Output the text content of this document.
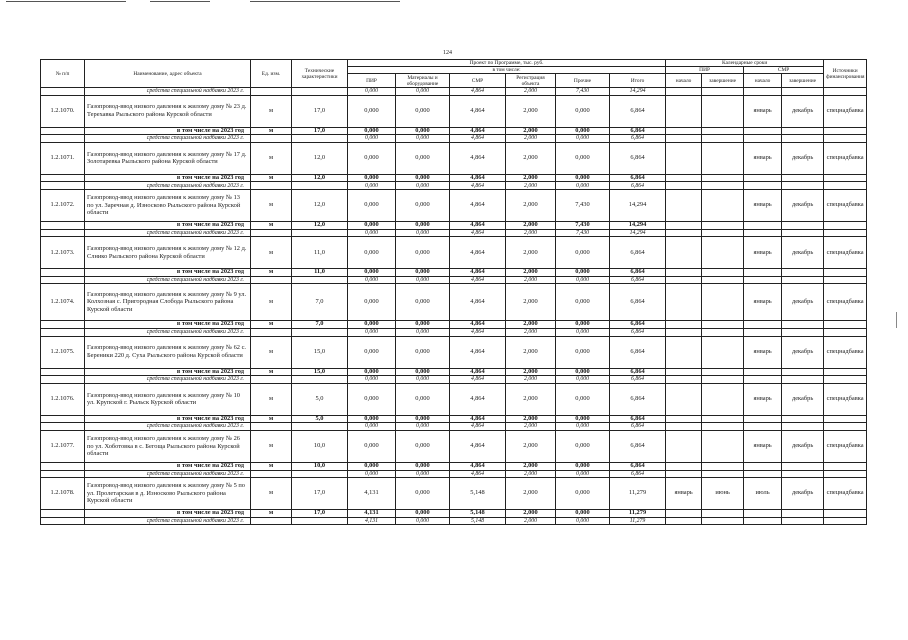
124
№ п/п	Наименование, адрес объекта	Ед. изм.	Технические характеристики	Проект по Программе, тыс. руб.						Календарные сроки				Источники финансирования
				в том числе:						ПИР		СМР		
				ПИР	Материалы и оборудование	СМР	Регистрация объекта	Прочие	Итого	начало	завершение	начало	завершение	
	средства специальной надбавки 2023 г.			0,000	0,000	4,864	2,000	7,430	14,294					
1.2.1070.	Газопровод-ввод низкого давления к жилому дому № 23 д. Терехавка Рыльского района Курской области	м	17,0	0,000	0,000	4,864	2,000	0,000	6,864			январь	декабрь	спецнадбавка
	в том числе на 2023 год	м	17,0	0,000	0,000	4,864	2,000	0,000	6,864					
	средства специальной надбавки 2023 г.			0,000	0,000	4,864	2,000	0,000	6,864					
1.2.1071.	Газопровод-ввод низкого давления к жилому дому № 17 д. Золотаревка Рыльского района Курской области	м	12,0	0,000	0,000	4,864	2,000	0,000	6,864			январь	декабрь	спецнадбавка
	в том числе на 2023 год	м	12,0	0,000	0,000	4,864	2,000	0,000	6,864					
	средства специальной надбавки 2023 г.			0,000	0,000	4,864	2,000	0,000	6,864					
1.2.1072.	Газопровод-ввод низкого давления к жилому дому № 13 по ул. Заречная д. Износково Рыльского района Курской области	м	12,0	0,000	0,000	4,864	2,000	7,430	14,294			январь	декабрь	спецнадбавка
	в том числе на 2023 год	м	12,0	0,000	0,000	4,864	2,000	7,430	14,294					
	средства специальной надбавки 2023 г.			0,000	0,000	4,864	2,000	7,430	14,294					
1.2.1073.	Газопровод-ввод низкого давления к жилому дому № 12 д. Слнико Рыльского района Курской области	м	11,0	0,000	0,000	4,864	2,000	0,000	6,864			январь	декабрь	спецнадбавка
	в том числе на 2023 год	м	11,0	0,000	0,000	4,864	2,000	0,000	6,864					
	средства специальной надбавки 2023 г.			0,000	0,000	4,864	2,000	0,000	6,864					
1.2.1074.	Газопровод-ввод низкого давления к жилому дому № 9 ул. Колхозная с. Пригородная Слобода Рыльского района Курской области	м	7,0	0,000	0,000	4,864	2,000	0,000	6,864			январь	декабрь	спецнадбавка
	в том числе на 2023 год	м	7,0	0,000	0,000	4,864	2,000	0,000	6,864					
	средства специальной надбавки 2023 г.			0,000	0,000	4,864	2,000	0,000	6,864					
1.2.1075.	Газопровод-ввод низкого давления к жилому дому № 62 с. Береники 220 д. Суха Рыльского района Курской области	м	15,0	0,000	0,000	4,864	2,000	0,000	6,864			январь	декабрь	спецнадбавка
	в том числе на 2023 год	м	15,0	0,000	0,000	4,864	2,000	0,000	6,864					
	средства специальной надбавки 2023 г.			0,000	0,000	4,864	2,000	0,000	6,864					
1.2.1076.	Газопровод-ввод низкого давления к жилому дому № 10 ул. Крупской г. Рыльск Курской области	м	5,0	0,000	0,000	4,864	2,000	0,000	6,864			январь	декабрь	спецнадбавка
	в том числе на 2023 год	м	5,0	0,000	0,000	4,864	2,000	0,000	6,864					
	средства специальной надбавки 2023 г.			0,000	0,000	4,864	2,000	0,000	6,864					
1.2.1077.	Газопровод-ввод низкого давления к жилому дому № 26 по ул. Хоботовка в с. Бегоща Рыльского района Курской области	м	10,0	0,000	0,000	4,864	2,000	0,000	6,864			январь	декабрь	спецнадбавка
	в том числе на 2023 год	м	10,0	0,000	0,000	4,864	2,000	0,000	6,864					
	средства специальной надбавки 2023 г.			0,000	0,000	4,864	2,000	0,000	6,864					
1.2.1078.	Газопровод-ввод низкого давления к жилому дому № 5 по ул. Пролетарская в д. Износково Рыльского района Курской области	м	17,0	4,131	0,000	5,148	2,000	0,000	11,279	январь	июнь	июль	декабрь	спецнадбавка
	в том числе на 2023 год	м	17,0	4,131	0,000	5,148	2,000	0,000	11,279					
	средства специальной надбавки 2023 г.			4,131	0,000	5,148	2,000	0,000	11,279					
